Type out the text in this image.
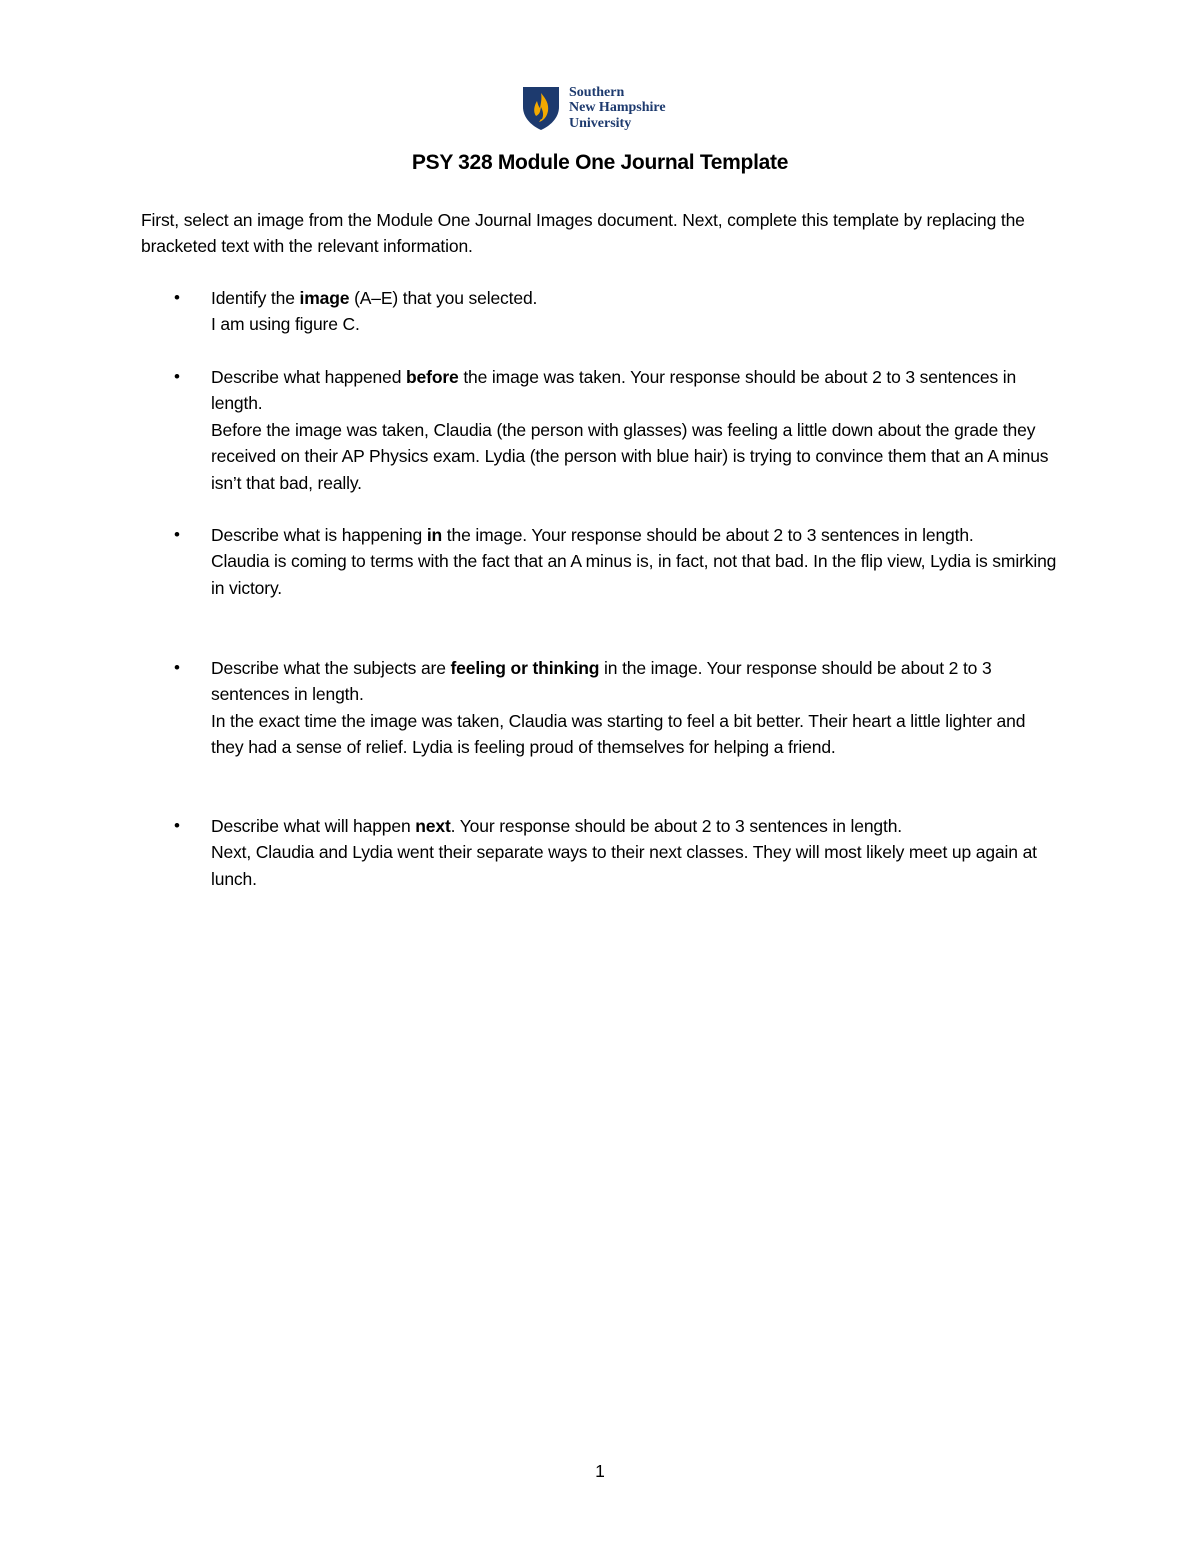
Southern
New Hampshire
University
PSY 328 Module One Journal Template

First, select an image from the Module One Journal Images document. Next, complete this template by replacing the bracketed text with the relevant information.

• Identify the image (A–E) that you selected.

I am using figure C.

• Describe what happened before the image was taken. Your response should be about 2 to 3 sentences in length.

Before the image was taken, Claudia (the person with glasses) was feeling a little down about the grade they received on their AP Physics exam. Lydia (the person with blue hair) is trying to convince them that an A minus isn’t that bad, really.

• Describe what is happening in the image. Your response should be about 2 to 3 sentences in length.

Claudia is coming to terms with the fact that an A minus is, in fact, not that bad. In the flip view, Lydia is smirking in victory.

• Describe what the subjects are feeling or thinking in the image. Your response should be about 2 to 3 sentences in length.

In the exact time the image was taken, Claudia was starting to feel a bit better. Their heart a little lighter and they had a sense of relief. Lydia is feeling proud of themselves for helping a friend.

• Describe what will happen next. Your response should be about 2 to 3 sentences in length.

Next, Claudia and Lydia went their separate ways to their next classes. They will most likely meet up again at lunch.

1
